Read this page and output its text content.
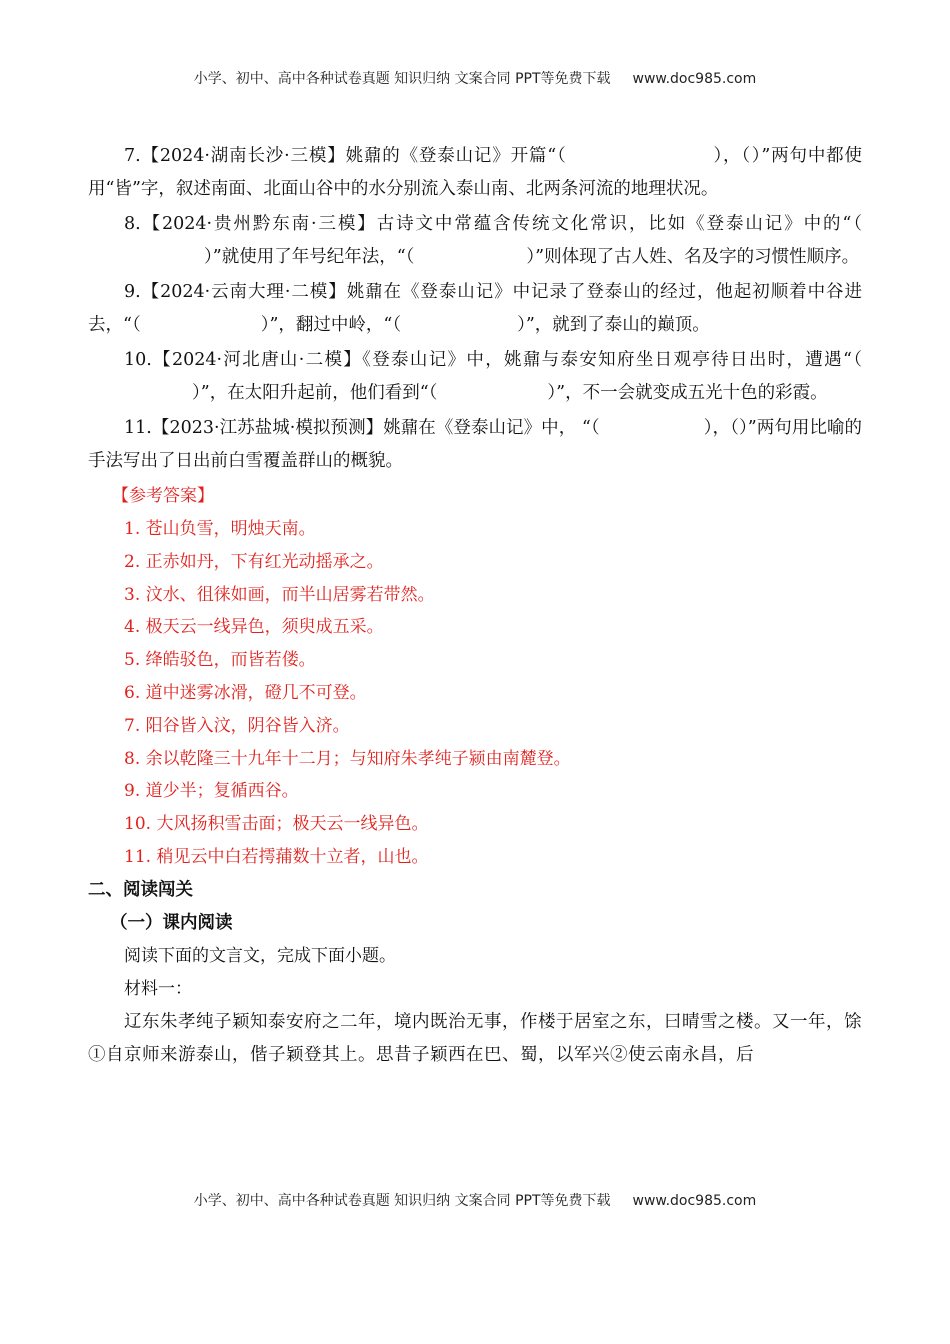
小学、初中、高中各种试卷真题 知识归纳 文案合同 PPT等免费下载 www.doc985.com

7.【2024·湖南长沙·三模】姚鼐的《登泰山记》开篇“（	），（）”两句中都使用“皆”字，叙述南面、北面山谷中的水分别流入泰山南、北两条河流的地理状况。

8.【2024·贵州黔东南·三模】古诗文中常蕴含传统文化常识，比如《登泰山记》中的“（）”就使用了年号纪年法，“（	）”则体现了古人姓、名及字的习惯性顺序。

9.【2024·云南大理·二模】姚鼐在《登泰山记》中记录了登泰山的经过，他起初顺着中谷进去，“（	）”，翻过中岭，“（	）”，就到了泰山的巅顶。

10.【2024·河北唐山·二模】《登泰山记》中，姚鼐与泰安知府坐日观亭待日出时，遭遇“（）”，在太阳升起前，他们看到“（	）”，不一会就变成五光十色的彩霞。

11.【2023·江苏盐城·模拟预测】姚鼐在《登泰山记》中， “（	），（）”两句用比喻的手法写出了日出前白雪覆盖群山的概貌。

【参考答案】

1. 苍山负雪，明烛天南。

2. 正赤如丹，下有红光动摇承之。

3. 汶水、徂徕如画，而半山居雾若带然。

4. 极天云一线异色，须臾成五采。

5. 绛皓驳色，而皆若偻。

6. 道中迷雾冰滑，磴几不可登。

7. 阳谷皆入汶，阴谷皆入济。

8. 余以乾隆三十九年十二月；与知府朱孝纯子颍由南麓登。

9. 道少半；复循西谷。

10. 大风扬积雪击面；极天云一线异色。

11. 稍见云中白若摴蒱数十立者，山也。

二、阅读闯关

（一）课内阅读

阅读下面的文言文，完成下面小题。

材料一：

辽东朱孝纯子颖知泰安府之二年，境内既治无事，作楼于居室之东，曰晴雪之楼。又一年，馀①自京师来游泰山，偕子颖登其上。思昔子颖西在巴、蜀，以军兴②使云南永昌，后

小学、初中、高中各种试卷真题 知识归纳 文案合同 PPT等免费下载 www.doc985.com
